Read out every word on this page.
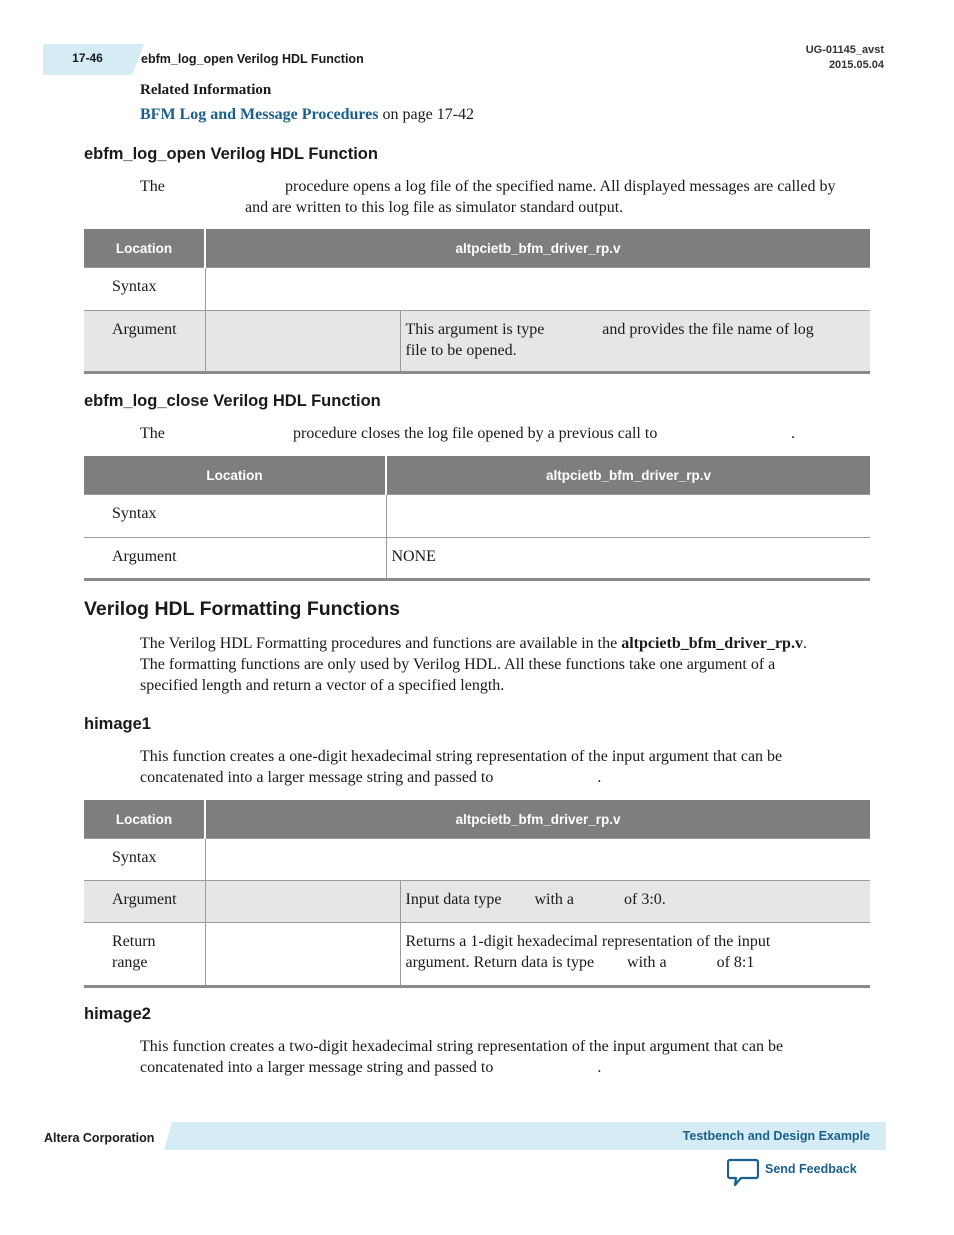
17-46	ebfm_log_open Verilog HDL Function
UG-01145_avst
2015.05.04
Related Information
BFM Log and Message Procedures on page 17-42
ebfm_log_open Verilog HDL Function
The	procedure opens a log file of the specified name. All displayed messages are called by
and are written to this log file as simulator standard output.
Location	altpcietb_bfm_driver_rp.v	
Syntax		
Argument		This argument is type and provides the file name of log
file to be opened.
ebfm_log_close Verilog HDL Function
The	procedure closes the log file opened by a previous call to	.
Location	altpcietb_bfm_driver_rp.v
Syntax	
Argument	NONE
Verilog HDL Formatting Functions
The Verilog HDL Formatting procedures and functions are available in the altpcietb_bfm_driver_rp.v.
The formatting functions are only used by Verilog HDL. All these functions take one argument of a
specified length and return a vector of a specified length.
himage1
This function creates a one-digit hexadecimal string representation of the input argument that can be
concatenated into a larger message string and passed to	.
Location	altpcietb_bfm_driver_rp.v	
Syntax		
Argument		Input data type with a of 3:0.
Return
range		Returns a 1-digit hexadecimal representation of the input
argument. Return data is type with a of 8:1
himage2
This function creates a two-digit hexadecimal string representation of the input argument that can be
concatenated into a larger message string and passed to	.
Altera Corporation	Testbench and Design Example
Send Feedback
